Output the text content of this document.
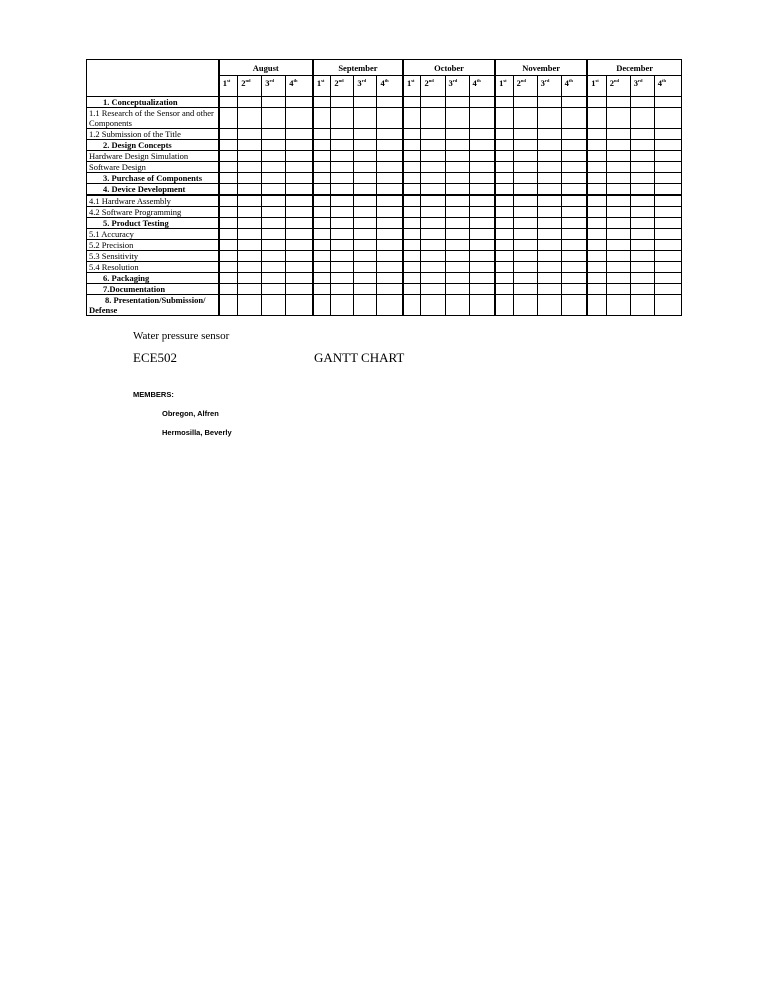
	August				September				October				November				December			
	1st	2nd	3rd	4th	1st	2nd	3rd	4th	1st	2nd	3rd	4th	1st	2nd	3rd	4th	1st	2nd	3rd	4th
1. Conceptualization																				
1.1 Research of the Sensor and other Components																				
1.2 Submission of the Title																				
2. Design Concepts																				
Hardware Design Simulation																				
Software Design																				
3. Purchase of Components																				
4. Device Development																				
4.1 Hardware Assembly																				
4.2 Software Programming																				
5. Product Testing																				
5.1 Accuracy																				
5.2 Precision																				
5.3 Sensitivity																				
5.4 Resolution																				
6. Packaging																				
7.Documentation																				
8. Presentation/Submission/ Defense																				
Water pressure sensor
ECE502	GANTT CHART
MEMBERS:
Obregon, Alfren
Hermosilla, Beverly
